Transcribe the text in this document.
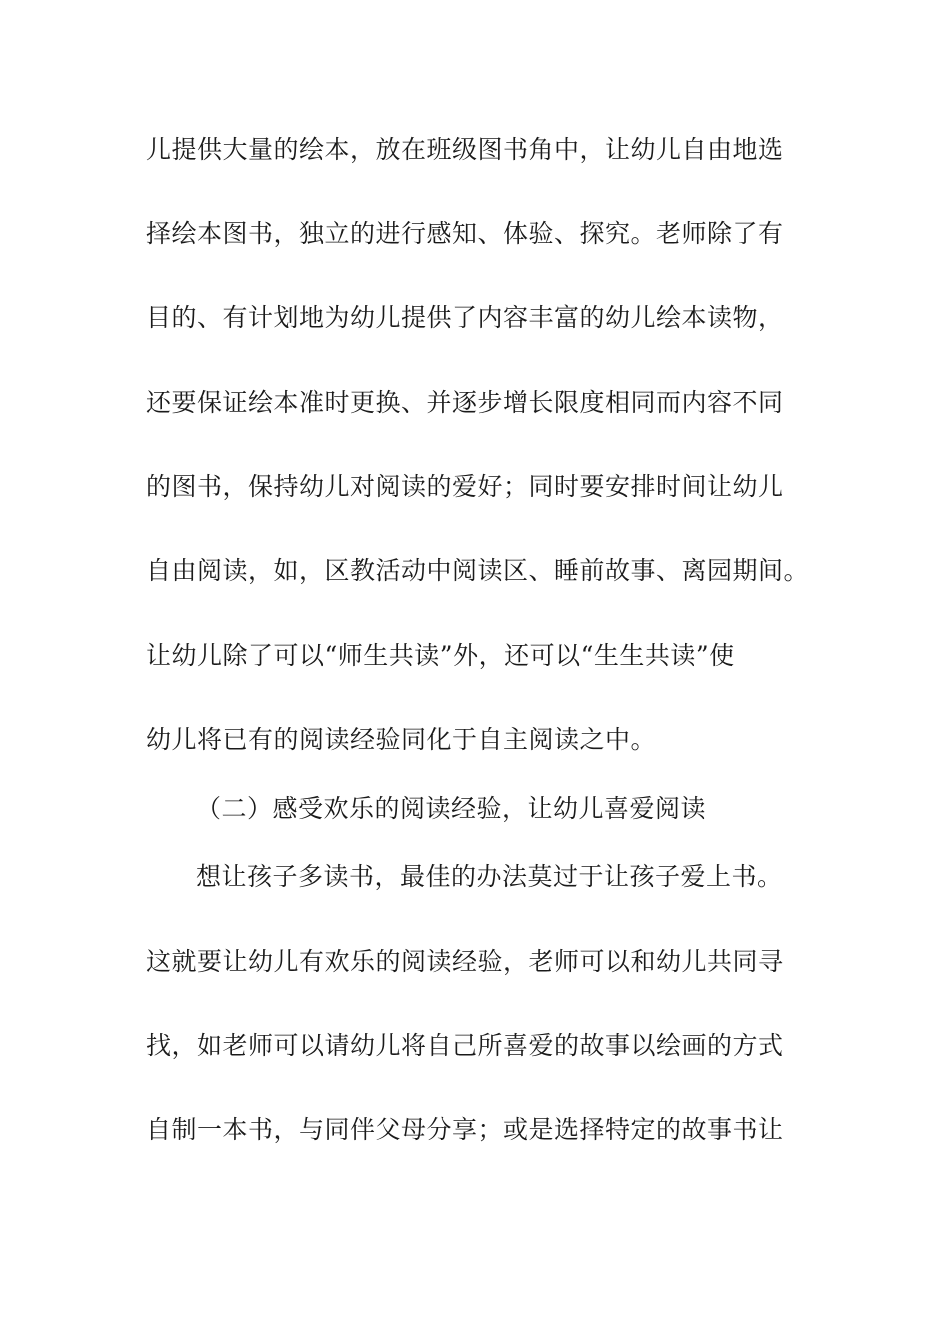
儿提供大量的绘本，放在班级图书角中，让幼儿自由地选
择绘本图书，独立的进行感知、体验、探究。老师除了有
目的、有计划地为幼儿提供了内容丰富的幼儿绘本读物，
还要保证绘本准时更换、并逐步增长限度相同而内容不同
的图书，保持幼儿对阅读的爱好；同时要安排时间让幼儿
自由阅读，如，区教活动中阅读区、睡前故事、离园期间。
让幼儿除了可以“师生共读”外，还可以“生生共读”使
幼儿将已有的阅读经验同化于自主阅读之中。
（二）感受欢乐的阅读经验，让幼儿喜爱阅读
想让孩子多读书，最佳的办法莫过于让孩子爱上书。
这就要让幼儿有欢乐的阅读经验，老师可以和幼儿共同寻
找，如老师可以请幼儿将自己所喜爱的故事以绘画的方式
自制一本书，与同伴父母分享；或是选择特定的故事书让
